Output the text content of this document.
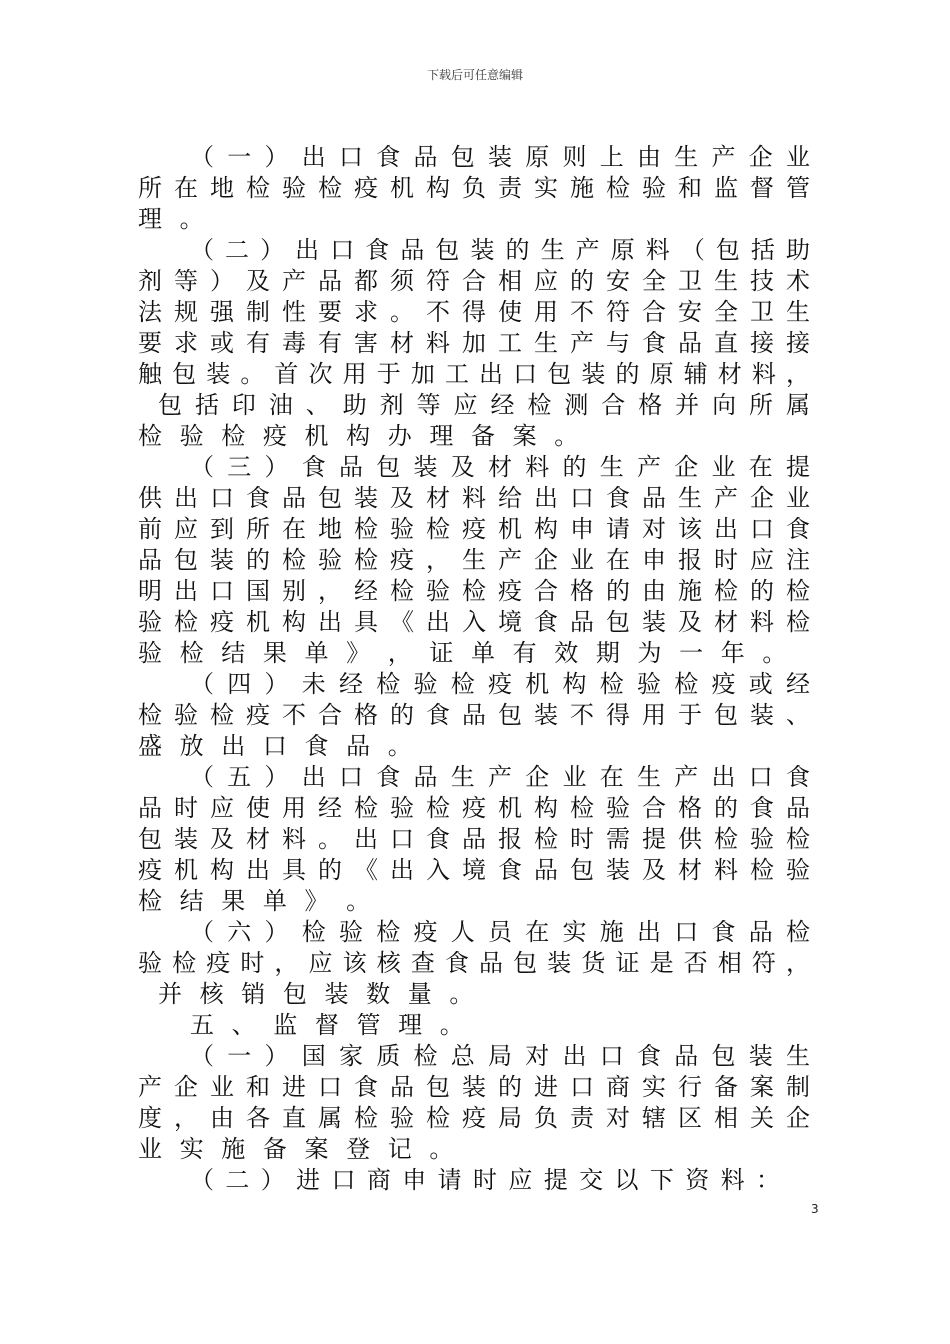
下载后可任意编辑
（ 一 ） 出 口 食 品 包 装 原 则 上 由 生 产 企 业
所 在 地 检 验 检 疫 机 构 负 责 实 施 检 验 和 监 督 管
理 。
（ 二 ） 出 口 食 品 包 装 的 生 产 原 料 （ 包 括 助
剂 等 ） 及 产 品 都 须 符 合 相 应 的 安 全 卫 生 技 术
法 规 强 制 性 要 求 。 不 得 使 用 不 符 合 安 全 卫 生
要 求 或 有 毒 有 害 材 料 加 工 生 产 与 食 品 直 接 接
触 包 装 。 首 次 用 于 加 工 出 口 包 装 的 原 辅 材 料 ，
包 括 印 油 、 助 剂 等 应 经 检 测 合 格 并 向 所 属
检 验 检 疫 机 构 办 理 备 案 。
（ 三 ） 食 品 包 装 及 材 料 的 生 产 企 业 在 提
供 出 口 食 品 包 装 及 材 料 给 出 口 食 品 生 产 企 业
前 应 到 所 在 地 检 验 检 疫 机 构 申 请 对 该 出 口 食
品 包 装 的 检 验 检 疫 ， 生 产 企 业 在 申 报 时 应 注
明 出 口 国 别 ， 经 检 验 检 疫 合 格 的 由 施 检 的 检
验 检 疫 机 构 出 具 《 出 入 境 食 品 包 装 及 材 料 检
验 检 结 果 单 》 ， 证 单 有 效 期 为 一 年 。
（ 四 ） 未 经 检 验 检 疫 机 构 检 验 检 疫 或 经
检 验 检 疫 不 合 格 的 食 品 包 装 不 得 用 于 包 装 、
盛 放 出 口 食 品 。
（ 五 ） 出 口 食 品 生 产 企 业 在 生 产 出 口 食
品 时 应 使 用 经 检 验 检 疫 机 构 检 验 合 格 的 食 品
包 装 及 材 料 。 出 口 食 品 报 检 时 需 提 供 检 验 检
疫 机 构 出 具 的 《 出 入 境 食 品 包 装 及 材 料 检 验
检 结 果 单 》 。
（ 六 ） 检 验 检 疫 人 员 在 实 施 出 口 食 品 检
验 检 疫 时 ， 应 该 核 查 食 品 包 装 货 证 是 否 相 符 ，
并 核 销 包 装 数 量 。
五 、 监 督 管 理 。
（ 一 ） 国 家 质 检 总 局 对 出 口 食 品 包 装 生
产 企 业 和 进 口 食 品 包 装 的 进 口 商 实 行 备 案 制
度 ， 由 各 直 属 检 验 检 疫 局 负 责 对 辖 区 相 关 企
业 实 施 备 案 登 记 。
（ 二 ） 进 口 商 申 请 时 应 提 交 以 下 资 料 ：
3
